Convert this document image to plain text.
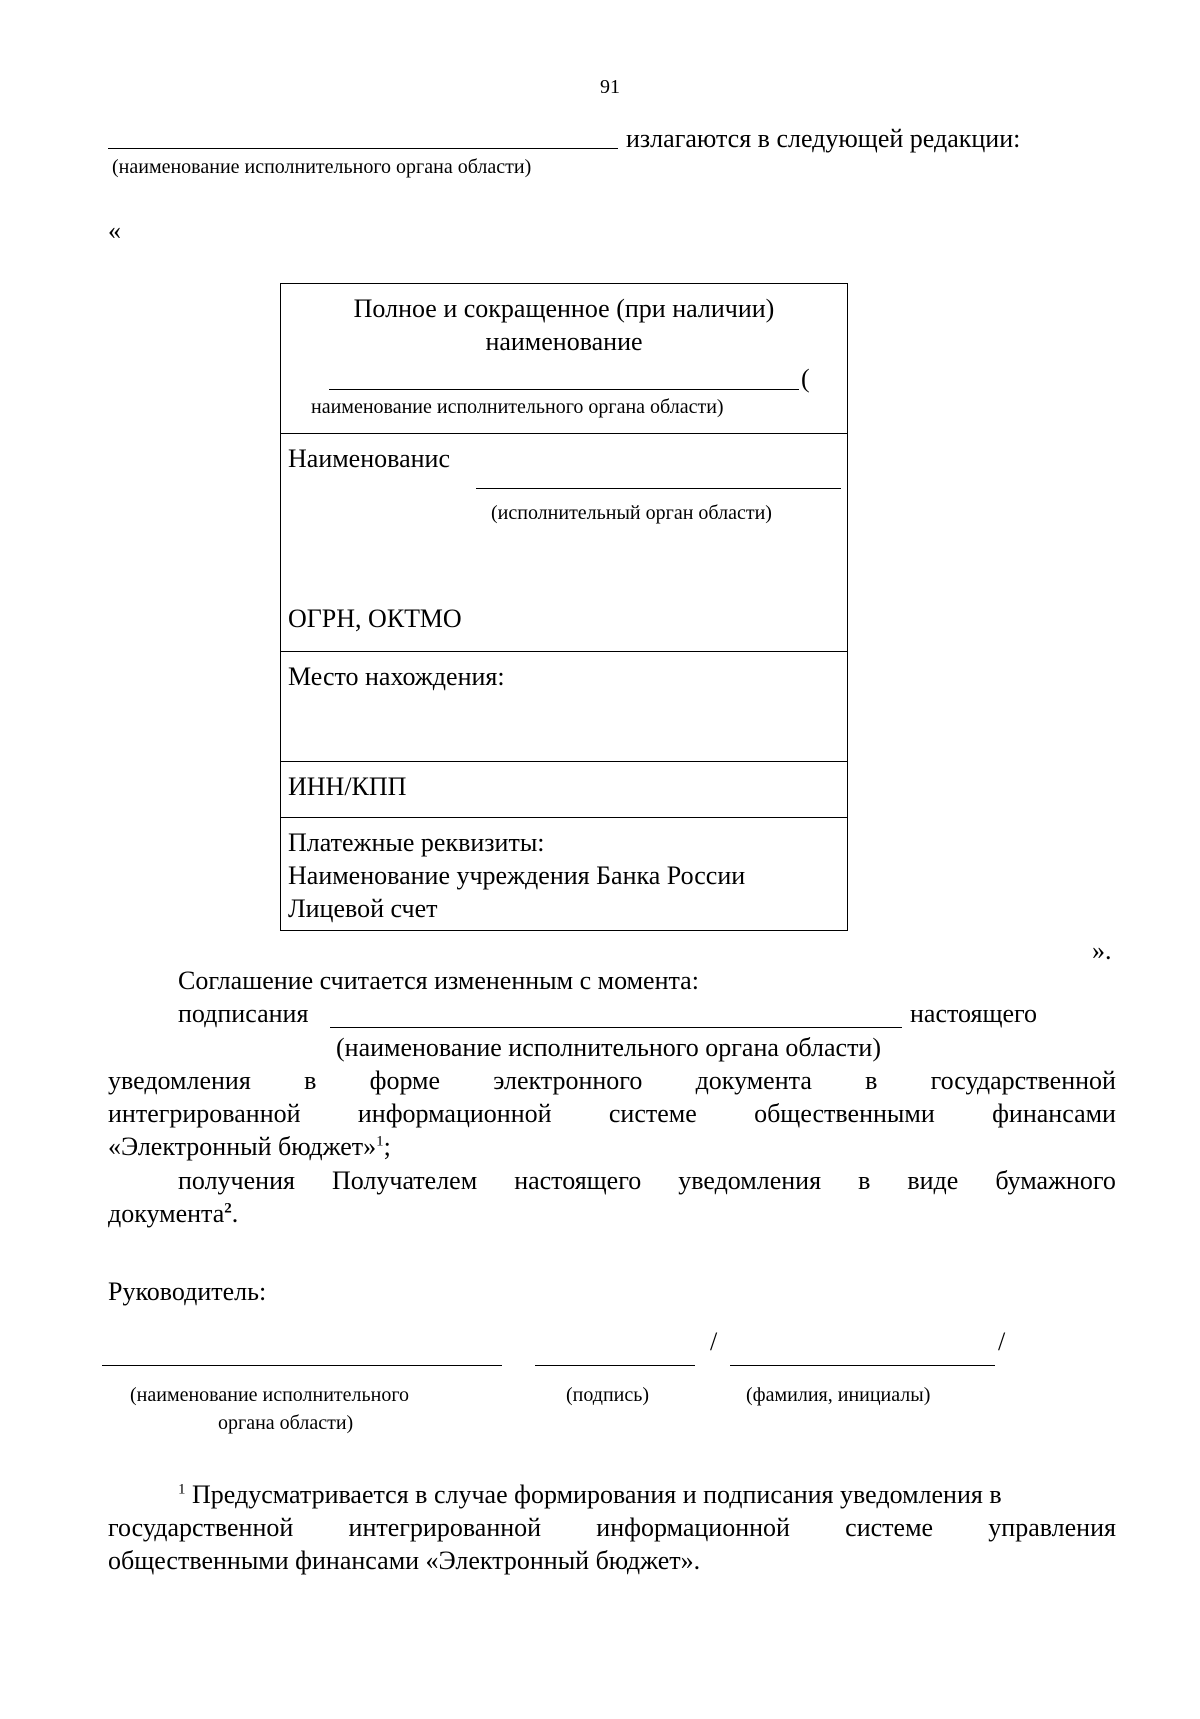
91
излагаются в следующей редакции:
(наименование исполнительного органа области)
«
Полное и сокращенное (при наличии)
наименование
(
наименование исполнительного органа области)
Наименованис
(исполнительный орган области)
ОГРН, ОКТМО
Место нахождения:
ИНН/КПП
Платежные реквизиты:
Наименование учреждения Банка России
Лицевой счет
».
Соглашение считается измененным с момента:
подписания	настоящего
(наименование исполнительного органа области)
уведомления в форме электронного документа в государственной
интегрированной информационной системе общественными финансами
«Электронный бюджет»$^1$;
получения Получателем настоящего уведомления в виде бумажного
документа$^2$.
Руководитель:
/	/
(наименование исполнительного
органа области)
(подпись)	(фамилия, инициалы)
$^1$ Предусматривается в случае формирования и подписания уведомления в
государственной интегрированной информационной системе управления
общественными финансами «Электронный бюджет».
